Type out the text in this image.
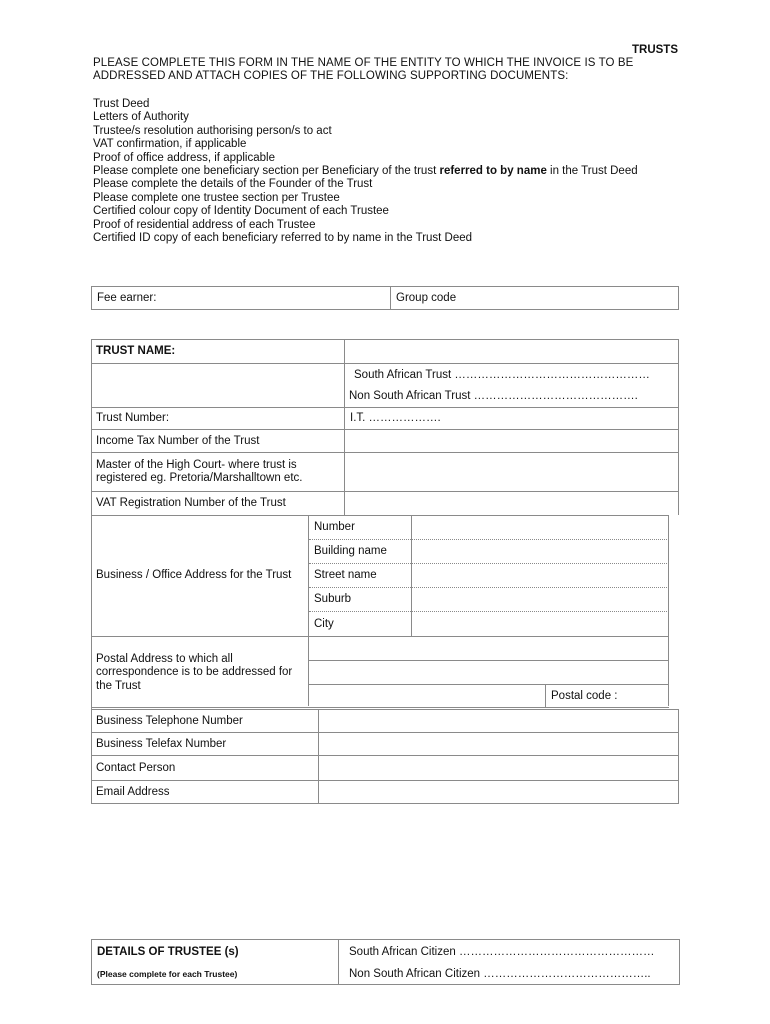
TRUSTS
PLEASE COMPLETE THIS FORM IN THE NAME OF THE ENTITY TO WHICH THE INVOICE IS TO BE ADDRESSED AND ATTACH COPIES OF THE FOLLOWING SUPPORTING DOCUMENTS:
Trust Deed
Letters of Authority
Trustee/s resolution authorising person/s to act
VAT confirmation, if applicable
Proof of office address, if applicable
Please complete one beneficiary section per Beneficiary of the trust referred to by name in the Trust Deed
Please complete the details of the Founder of the Trust
Please complete one trustee section per Trustee
Certified colour copy of Identity Document of each Trustee
Proof of residential address of each Trustee
Certified ID copy of each beneficiary referred to by name in the Trust Deed
Fee earner:	Group code
TRUST NAME:
South African Trust ……………………………………………
Non South African Trust …………………………………….
Trust Number:	I.T. ……………….
Income Tax Number of the Trust
Master of the High Court- where trust is registered eg. Pretoria/Marshalltown etc.
VAT Registration Number of the Trust
Business / Office Address for the Trust
Number
Building name
Street name
Suburb
City
Postal Address to which all correspondence is to be addressed for the Trust
Postal code :
Business Telephone Number
Business Telefax Number
Contact Person
Email Address
DETAILS OF TRUSTEE (s)
(Please complete for each Trustee)
South African Citizen ……………………………………………
Non South African Citizen ……………………………………..
